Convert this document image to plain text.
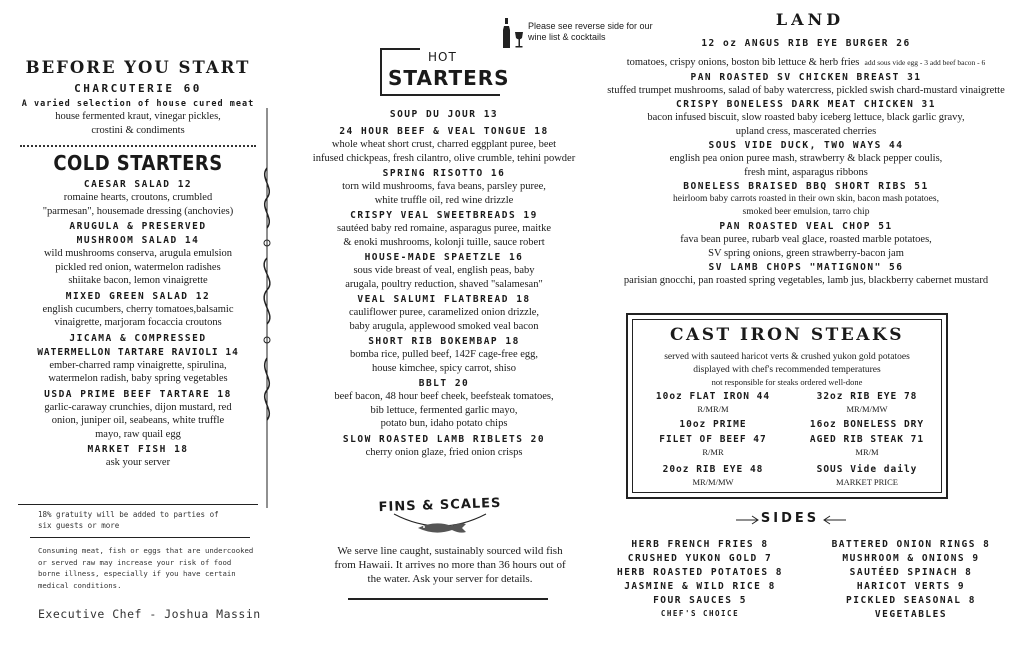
BEFORE YOU START
CHARCUTERIE 60
A varied selection of house cured meat
house fermented kraut, vinegar pickles,
crostini & condiments
COLD STARTERS
CAESAR SALAD 12
romaine hearts, croutons, crumbled
"parmesan", housemade dressing (anchovies)
ARUGULA & PRESERVED
MUSHROOM SALAD 14
wild mushrooms conserva, arugula emulsion
pickled red onion, watermelon radishes
shiitake bacon, lemon vinaigrette
MIXED GREEN SALAD 12
english cucumbers, cherry tomatoes,balsamic
vinaigrette, marjoram focaccia croutons
JICAMA & COMPRESSED
WATERMELLON TARTARE RAVIOLI 14
ember-charred ramp vinaigrette, spirulina,
watermelon radish, baby spring vegetables
USDA PRIME BEEF TARTARE 18
garlic-caraway crunchies, dijon mustard, red
onion, juniper oil, seabeans, white truffle
mayo, raw quail egg
MARKET FISH 18
ask your server
18% gratuity will be added to parties of
six guests or more
Consuming meat, fish or eggs that are undercooked
or served raw may increase your risk of food
borne illness, especially if you have certain
medical conditions.
Executive Chef - Joshua Massin
HOT
STARTERS
Please see reverse side for our
wine list & cocktails
SOUP DU JOUR 13
24 HOUR BEEF & VEAL TONGUE 18
whole wheat short crust, charred eggplant puree, beet
infused chickpeas, fresh cilantro, olive crumble, tehini powder
SPRING RISOTTO 16
torn wild mushrooms, fava beans, parsley puree,
white truffle oil, red wine drizzle
CRISPY VEAL SWEETBREADS 19
sautéed baby red romaine, asparagus puree, maitke
& enoki mushrooms, kolonji tuille, sauce robert
HOUSE-MADE SPAETZLE 16
sous vide breast of veal, english peas, baby
arugala, poultry reduction, shaved "salamesan"
VEAL SALUMI FLATBREAD 18
cauliflower puree, caramelized onion drizzle,
baby arugula, applewood smoked veal bacon
SHORT RIB BOKEMBAP 18
bomba rice, pulled beef, 142F cage-free egg,
house kimchee, spicy carrot, shiso
BBLT 20
beef bacon, 48 hour beef cheek, beefsteak tomatoes,
bib lettuce, fermented garlic mayo,
potato bun, idaho potato chips
SLOW ROASTED LAMB RIBLETS 20
cherry onion glaze, fried onion crisps
FINS & SCALES
We serve line caught, sustainably sourced wild fish
from Hawaii. It arrives no more than 36 hours out of
the water. Ask your server for details.
LAND
12 oz ANGUS RIB EYE BURGER 26
tomatoes, crispy onions, boston bib lettuce & herb fries add sous vide egg - 3 add beef bacon - 6
PAN ROASTED SV CHICKEN BREAST 31
stuffed trumpet mushrooms, salad of baby watercress, pickled swish chard-mustard vinaigrette
CRISPY BONELESS DARK MEAT CHICKEN 31
bacon infused biscuit, slow roasted baby iceberg lettuce, black garlic gravy,
upland cress, mascerated cherries
SOUS VIDE DUCK, TWO WAYS 44
english pea onion puree mash, strawberry & black pepper coulis,
fresh mint, asparagus ribbons
BONELESS BRAISED BBQ SHORT RIBS 51
heirloom baby carrots roasted in their own skin, bacon mash potatoes,
smoked beer emulsion, tarro chip
PAN ROASTED VEAL CHOP 51
fava bean puree, rubarb veal glace, roasted marble potatoes,
SV spring onions, green strawberry-bacon jam
SV LAMB CHOPS "MATIGNON" 56
parisian gnocchi, pan roasted spring vegetables, lamb jus, blackberry cabernet mustard
CAST IRON STEAKS
served with sauteed haricot verts & crushed yukon gold potatoes
displayed with chef's recommended temperatures
not responsible for steaks ordered well-done
10oz FLAT IRON 44
R/MR/M
10oz PRIME
FILET OF BEEF 47
R/MR
20oz RIB EYE 48
MR/M/MW
32oz RIB EYE 78
MR/M/MW
16oz BONELESS DRY
AGED RIB STEAK 71
MR/M
SOUS Vide daily
MARKET PRICE
SIDES
HERB FRENCH FRIES 8
CRUSHED YUKON GOLD 7
HERB ROASTED POTATOES 8
JASMINE & WILD RICE 8
FOUR SAUCES 5
CHEF'S CHOICE
BATTERED ONION RINGS 8
MUSHROOM & ONIONS 9
SAUTÉED SPINACH 8
HARICOT VERTS 9
PICKLED SEASONAL 8
VEGETABLES
